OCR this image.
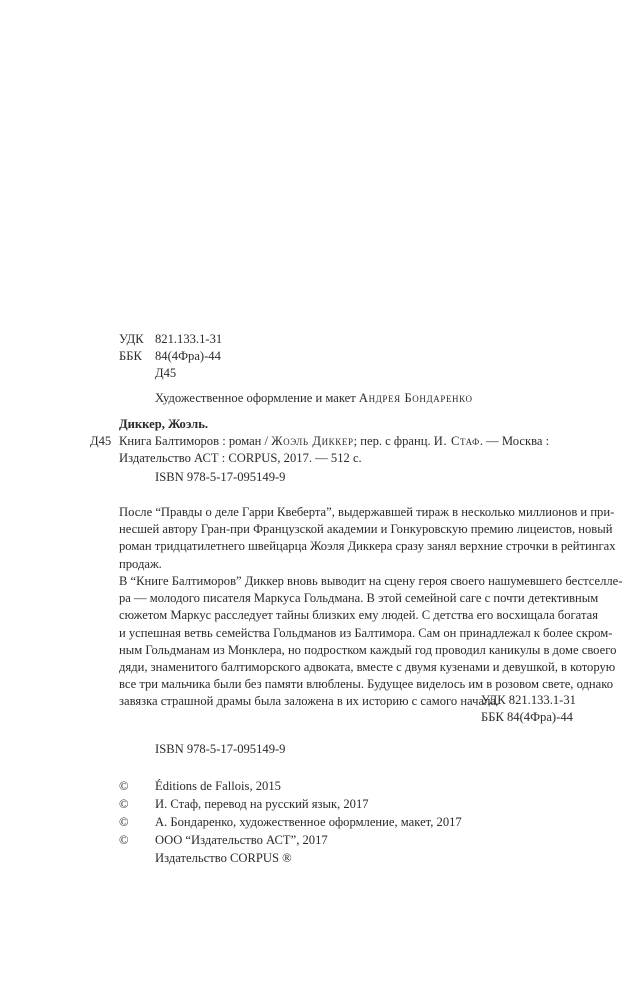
УДК 821.133.1-31
ББК 84(4Фра)-44
Д45
Художественное оформление и макет Андрея Бондаренко
Диккер, Жоэль.
Д45 Книга Балтиморов : роман / Жоэль Диккер; пер. с франц. И. Стаф. — Москва :
Издательство АСТ : CORPUS, 2017. — 512 с.
ISBN 978-5-17-095149-9
После “Правды о деле Гарри Квеберта”, выдержавшей тираж в несколько миллионов и при-
несшей автору Гран-при Французской академии и Гонкуровскую премию лицеистов, новый
роман тридцатилетнего швейцарца Жоэля Диккера сразу занял верхние строчки в рейтингах
продаж.
В “Книге Балтиморов” Диккер вновь выводит на сцену героя своего нашумевшего бестселле-
ра — молодого писателя Маркуса Гольдмана. В этой семейной саге с почти детективным
сюжетом Маркус расследует тайны близких ему людей. С детства его восхищала богатая
и успешная ветвь семейства Гольдманов из Балтимора. Сам он принадлежал к более скром-
ным Гольдманам из Монклера, но подростком каждый год проводил каникулы в доме своего
дяди, знаменитого балтиморского адвоката, вместе с двумя кузенами и девушкой, в которую
все три мальчика были без памяти влюблены. Будущее виделось им в розовом свете, однако
завязка страшной драмы была заложена в их историю с самого начала.
УДК 821.133.1-31
ББК 84(4Фра)-44
ISBN 978-5-17-095149-9
© Éditions de Fallois, 2015
© И. Стаф, перевод на русский язык, 2017
© А. Бондаренко, художественное оформление, макет, 2017
© ООО “Издательство АСТ”, 2017
Издательство CORPUS ®
